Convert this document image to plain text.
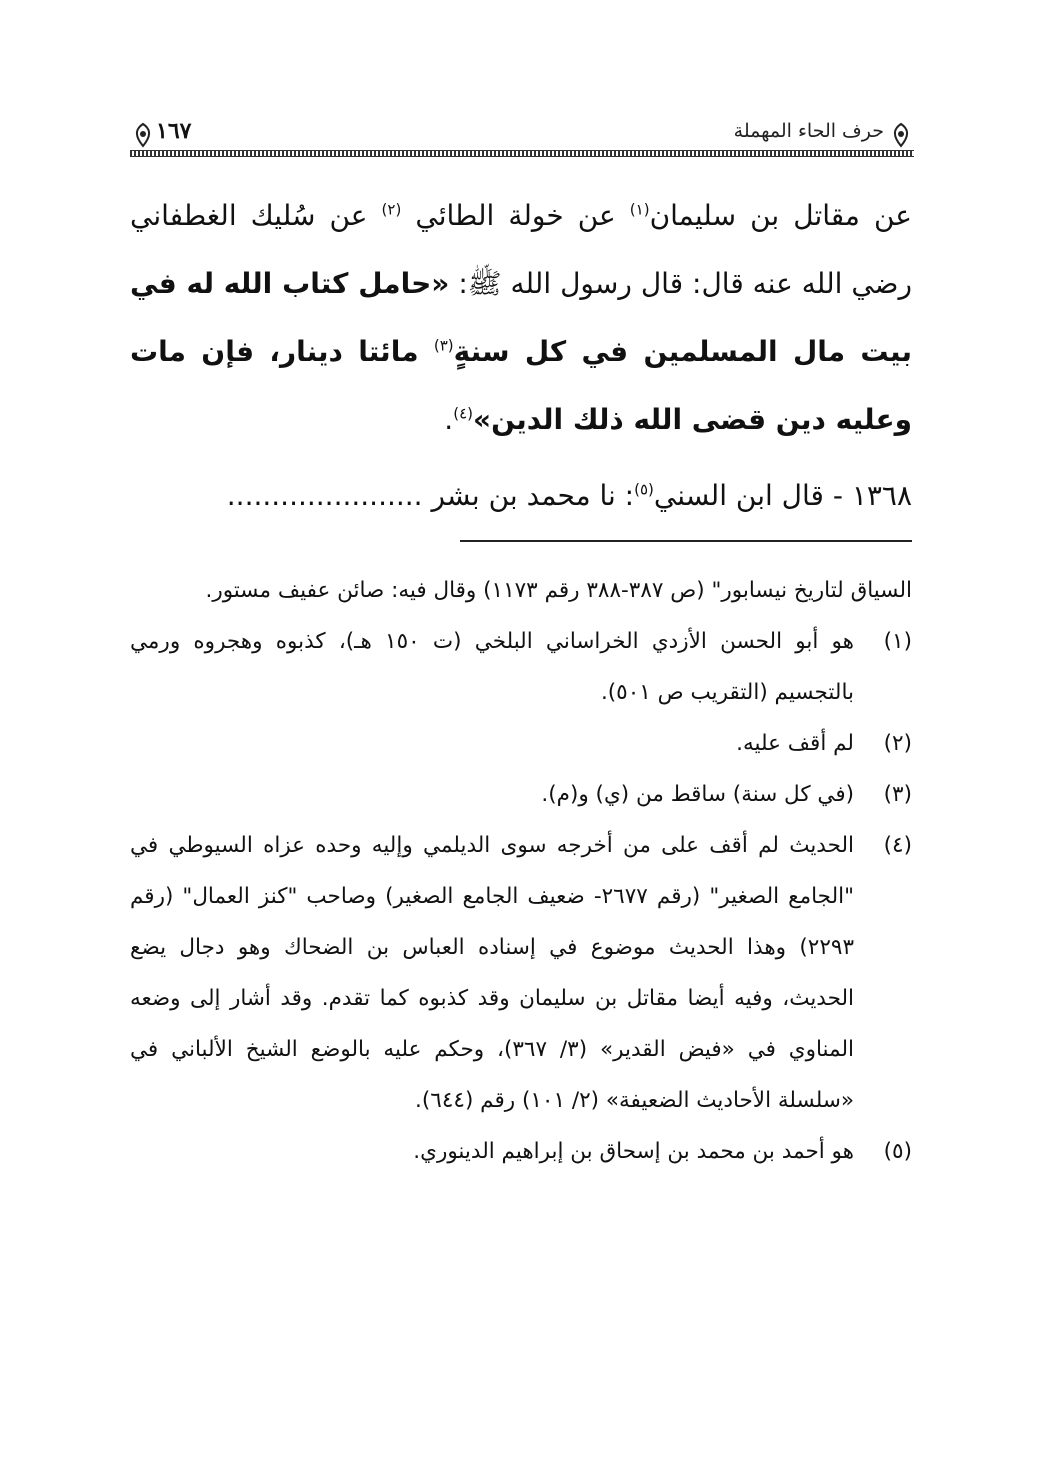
حرف الحاء المهملة
١٦٧
عن مقاتل بن سليمان$^{(١)}$ عن خولة الطائي $^{(٢)}$ عن سُليك الغطفاني رضي الله عنه قال: قال رسول الله ﷺ: «حامل كتاب الله له في بيت مال المسلمين في كل سنةٍ$^{(٣)}$ مائتا دينار، فإن مات وعليه دين قضى الله ذلك الدين»$^{(٤)}$.
١٣٦٨ - قال ابن السني$^{(٥)}$: نا محمد بن بشر ......................
السياق لتاريخ نيسابور" (ص ٣٨٧-٣٨٨ رقم ١١٧٣) وقال فيه: صائن عفيف مستور.
(١)
هو أبو الحسن الأزدي الخراساني البلخي (ت ١٥٠ هـ)، كذبوه وهجروه ورمي بالتجسيم (التقريب ص ٥٠١).
(٢)
لم أقف عليه.
(٣)
(في كل سنة) ساقط من (ي) و(م).
(٤)
الحديث لم أقف على من أخرجه سوى الديلمي وإليه وحده عزاه السيوطي في "الجامع الصغير" (رقم ٢٦٧٧- ضعيف الجامع الصغير) وصاحب "كنز العمال" (رقم ٢٢٩٣) وهذا الحديث موضوع في إسناده العباس بن الضحاك وهو دجال يضع الحديث، وفيه أيضا مقاتل بن سليمان وقد كذبوه كما تقدم. وقد أشار إلى وضعه المناوي في «فيض القدير» (٣/ ٣٦٧)، وحكم عليه بالوضع الشيخ الألباني في «سلسلة الأحاديث الضعيفة» (٢/ ١٠١) رقم (٦٤٤).
(٥)
هو أحمد بن محمد بن إسحاق بن إبراهيم الدينوري.
